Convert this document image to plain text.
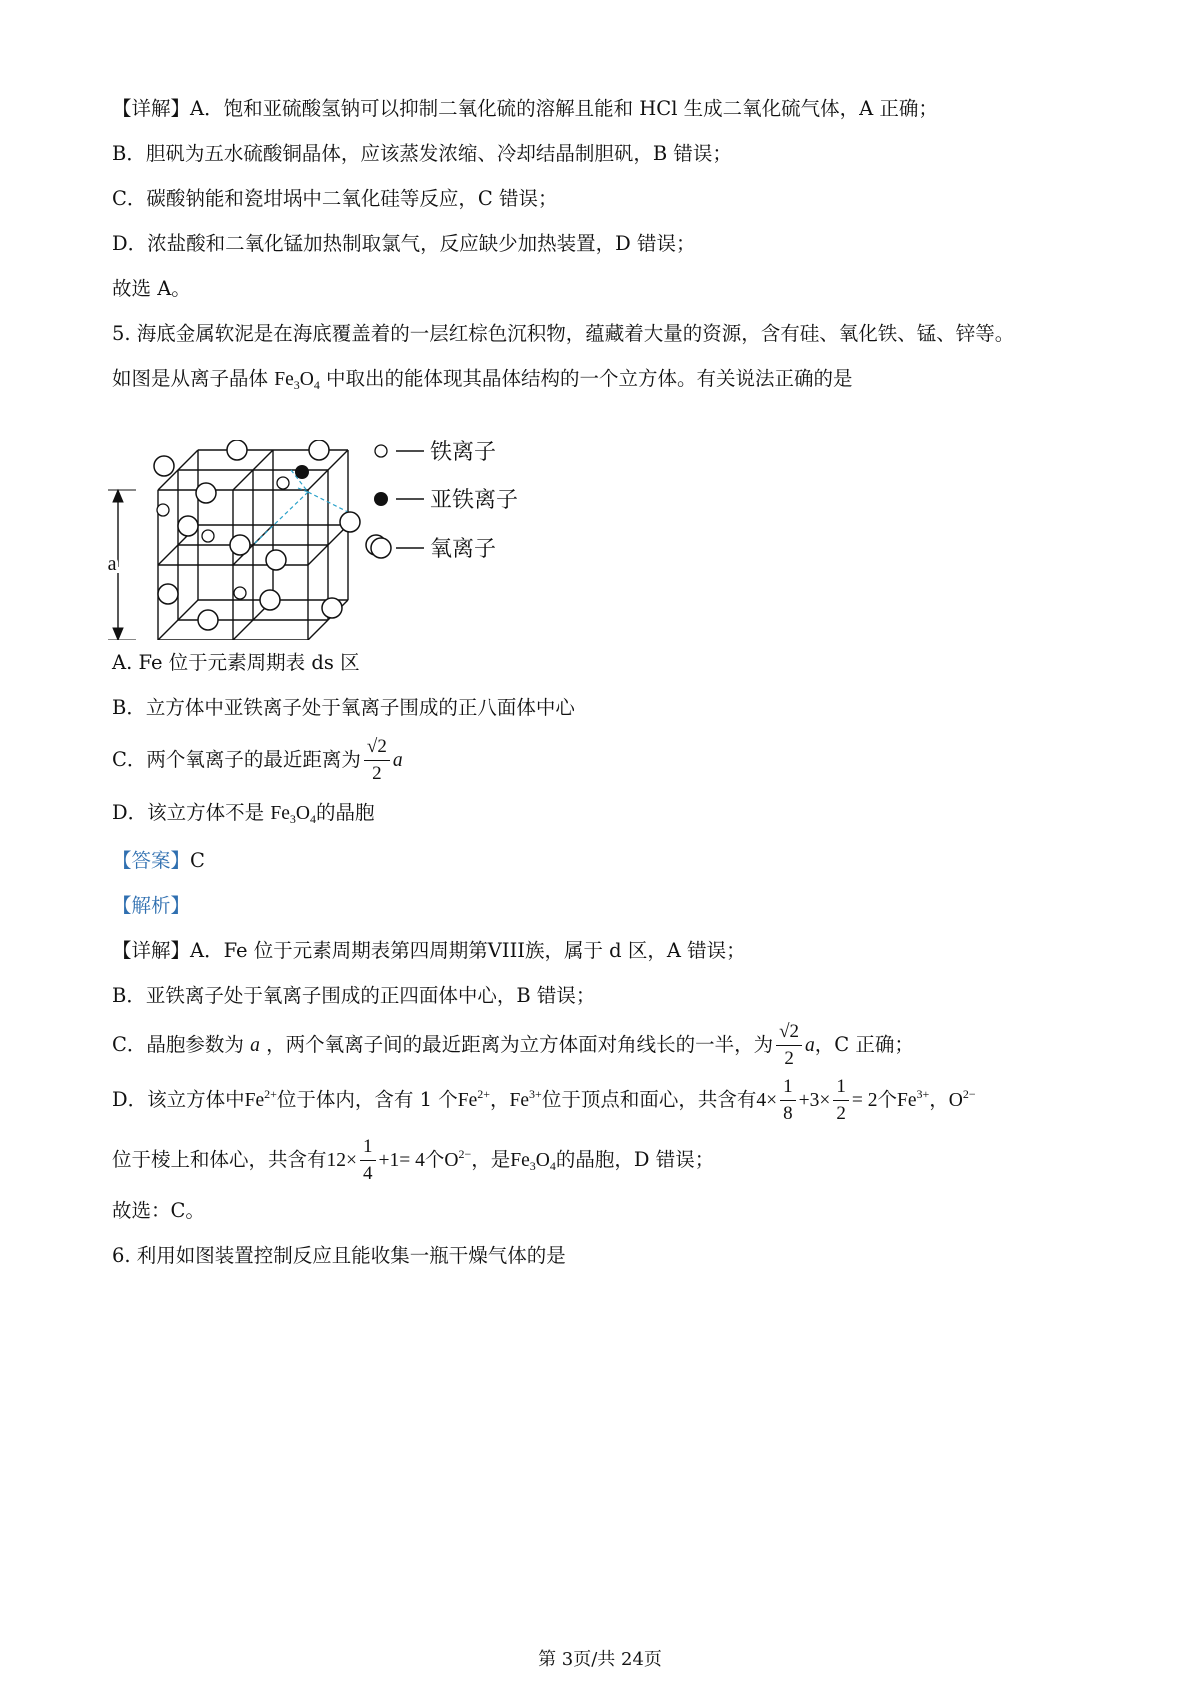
【详解】A．饱和亚硫酸氢钠可以抑制二氧化硫的溶解且能和 HCl 生成二氧化硫气体，A 正确；
B．胆矾为五水硫酸铜晶体，应该蒸发浓缩、冷却结晶制胆矾，B 错误；
C．碳酸钠能和瓷坩埚中二氧化硅等反应，C 错误；
D．浓盐酸和二氧化锰加热制取氯气，反应缺少加热装置，D 错误；
故选 A。
5. 海底金属软泥是在海底覆盖着的一层红棕色沉积物，蕴藏着大量的资源，含有硅、氧化铁、锰、锌等。
如图是从离子晶体 $Fe_3O_4$ 中取出的能体现其晶体结构的一个立方体。有关说法正确的是
a
铁离子
亚铁离子
氧离子
A. Fe 位于元素周期表 ds 区
B．立方体中亚铁离子处于氧离子围成的正八面体中心
C．两个氧离子的最近距离为 $\frac{√2}{2}$ a
D．该立方体不是 $Fe_3O_4$的晶胞
【答案】C
【解析】
【详解】A．Fe 位于元素周期表第四周期第VIII族，属于 d 区，A 错误；
B．亚铁离子处于氧离子围成的正四面体中心，B 错误；
C．晶胞参数为 a ，两个氧离子间的最近距离为立方体面对角线长的一半，为 $\frac{√2}{2}$ a，C 正确；
D．该立方体中$Fe^{2+}$位于体内，含有 1 个$Fe^{2+}$，$Fe^{3+}$位于顶点和面心，共含有$4\times \frac{1}{8} +3\times \frac{1}{2} = 2$个$Fe^{3+}$，$O^{2-}$
位于棱上和体心，共含有$12\times \frac{1}{4} +1= 4$个$O^{2-}$，是$Fe_3O_4$的晶胞，D 错误；
故选：C。
6. 利用如图装置控制反应且能收集一瓶干燥气体的是
第 3页/共 24页
